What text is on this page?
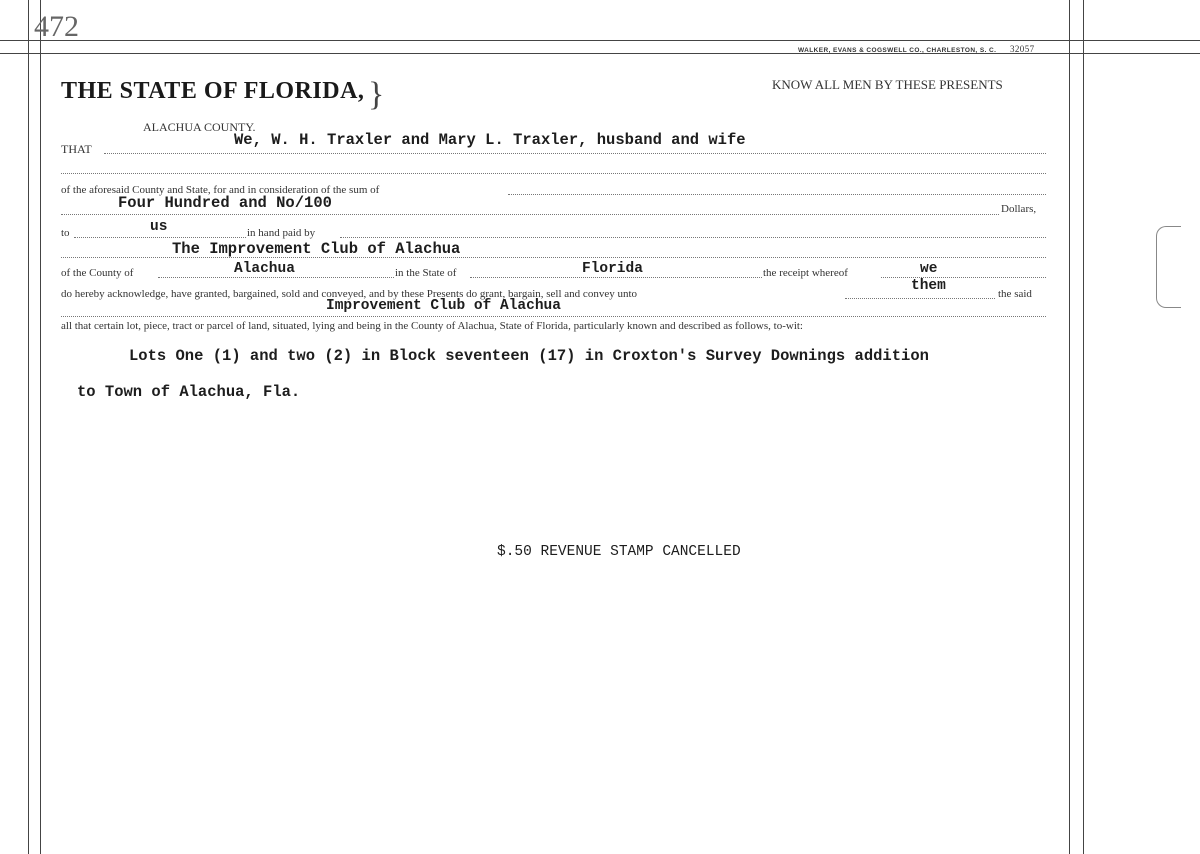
472
WALKER, EVANS & COGSWELL CO., CHARLESTON, S. C. 32057
THE STATE OF FLORIDA, }
ALACHUA COUNTY.
KNOW ALL MEN BY THESE PRESENTS
THAT	We, W. H. Traxler and Mary L. Traxler, husband and wife
of the aforesaid County and State, for and in consideration of the sum of
Four Hundred and No/100	Dollars,
to	us	in hand paid by
The Improvement Club of Alachua
of the County of	Alachua	in the State of	Florida	the receipt whereof	we
do hereby acknowledge, have granted, bargained, sold and conveyed, and by these Presents do grant, bargain, sell and convey unto	them	the said
Improvement Club of Alachua
all that certain lot, piece, tract or parcel of land, situated, lying and being in the County of Alachua, State of Florida, particularly known and described as follows, to-wit:
Lots One (1) and two (2) in Block seventeen (17) in Croxton's Survey Downings addition
to Town of Alachua, Fla.
$.50 REVENUE STAMP CANCELLED
